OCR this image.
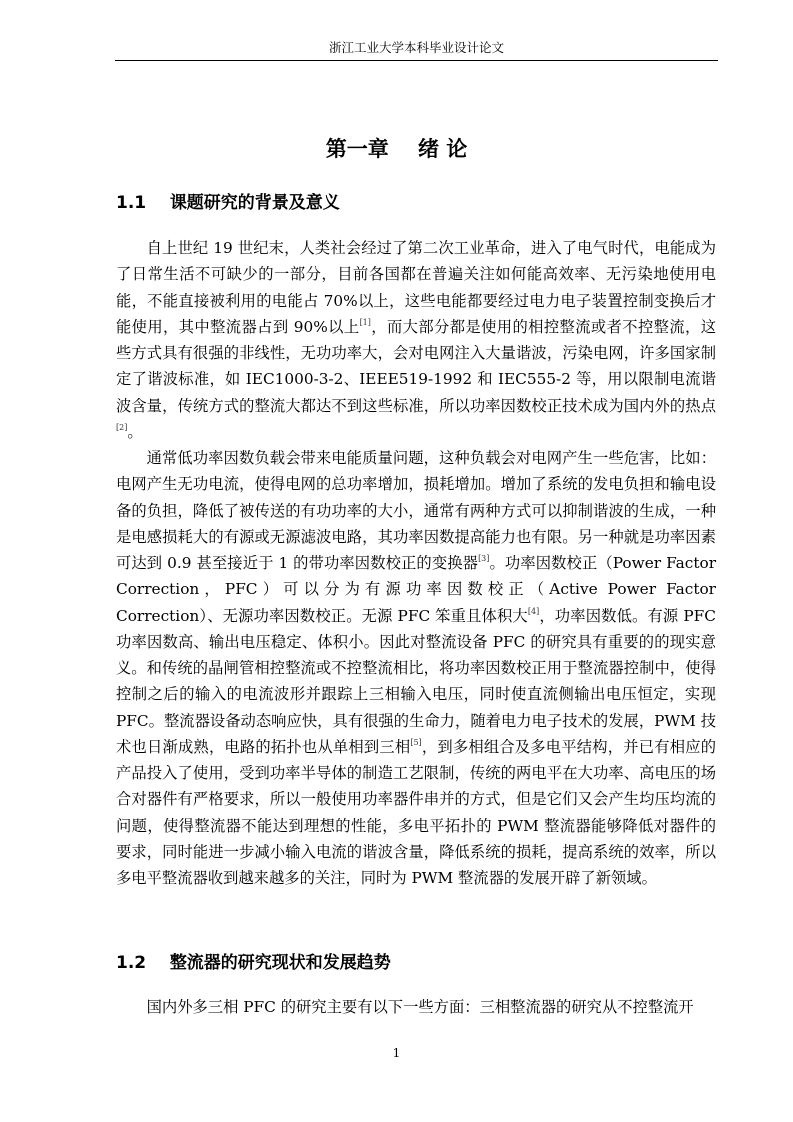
浙江工业大学本科毕业设计论文
第一章    绪 论
1.1 课题研究的背景及意义
自上世纪 19 世纪末，人类社会经过了第二次工业革命，进入了电气时代，电能成为了日常生活不可缺少的一部分，目前各国都在普遍关注如何能高效率、无污染地使用电能，不能直接被利用的电能占 70%以上，这些电能都要经过电力电子装置控制变换后才能使用，其中整流器占到 90%以上[1]，而大部分都是使用的相控整流或者不控整流，这些方式具有很强的非线性，无功功率大，会对电网注入大量谐波，污染电网，许多国家制定了谐波标准，如 IEC1000-3-2、IEEE519-1992 和 IEC555-2 等，用以限制电流谐波含量，传统方式的整流大都达不到这些标准，所以功率因数校正技术成为国内外的热点[2]。
通常低功率因数负载会带来电能质量问题，这种负载会对电网产生一些危害，比如：电网产生无功电流，使得电网的总功率增加，损耗增加。增加了系统的发电负担和输电设备的负担，降低了被传送的有功功率的大小，通常有两种方式可以抑制谐波的生成，一种是电感损耗大的有源或无源滤波电路，其功率因数提高能力也有限。另一种就是功率因素可达到 0.9 甚至接近于 1 的带功率因数校正的变换器[3]。功率因数校正（Power Factor Correction，PFC）可以分为有源功率因数校正（Active Power Factor Correction）、无源功率因数校正。无源 PFC 笨重且体积大[4]，功率因数低。有源 PFC 功率因数高、输出电压稳定、体积小。因此对整流设备 PFC 的研究具有重要的的现实意义。 和传统的晶闸管相控整流或不控整流相比，将功率因数校正用于整流器控制中，使得控制之后的输入的电流波形并跟踪上三相输入电压，同时使直流侧输出电压恒定，实现 PFC。整流器设备动态响应快，具有很强的生命力，随着电力电子技术的发展，PWM 技术也日渐成熟，电路的拓扑也从单相到三相[5]，到多相组合及多电平结构，并已有相应的产品投入了使用，受到功率半导体的制造工艺限制，传统的两电平在大功率、高电压的场合对器件有严格要求，所以一般使用功率器件串并的方式，但是它们又会产生均压均流的问题，使得整流器不能达到理想的性能，多电平拓扑的 PWM 整流器能够降低对器件的要求，同时能进一步减小输入电流的谐波含量，降低系统的损耗，提高系统的效率，所以多电平整流器收到越来越多的关注，同时为 PWM 整流器的发展开辟了新领域。
1.2 整流器的研究现状和发展趋势
国内外多三相 PFC 的研究主要有以下一些方面：三相整流器的研究从不控整流开
1
